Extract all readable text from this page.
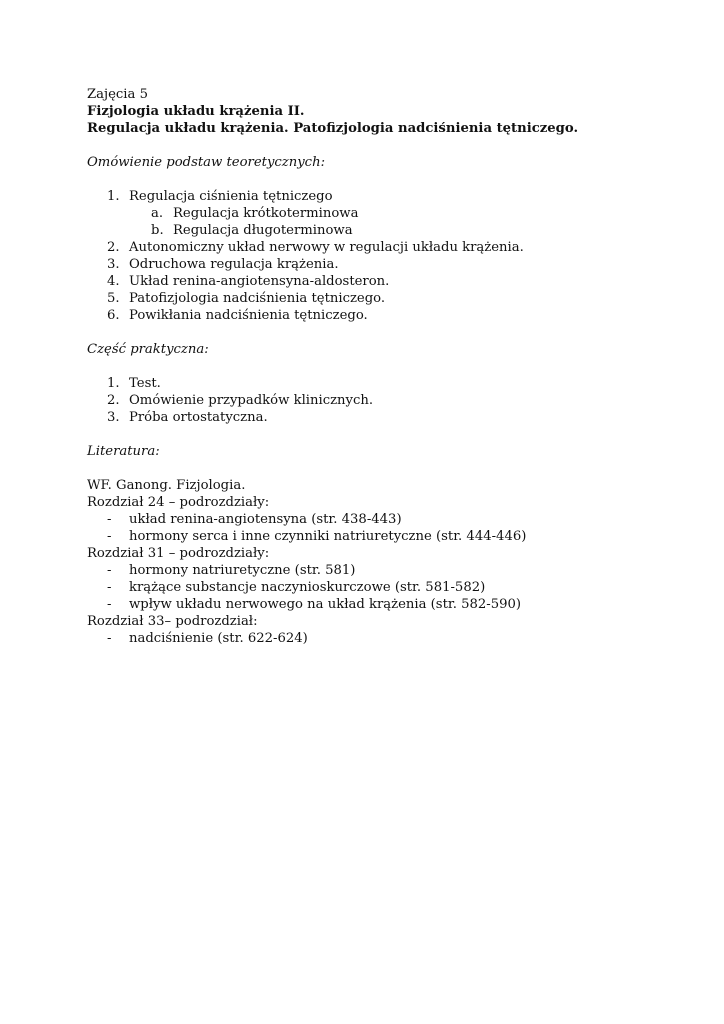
Zajęcia 5
Fizjologia układu krążenia II.
Regulacja układu krążenia. Patofizjologia nadciśnienia tętniczego.
Omówienie podstaw teoretycznych:
1. Regulacja ciśnienia tętniczego
a. Regulacja krótkoterminowa
b. Regulacja długoterminowa
2. Autonomiczny układ nerwowy w regulacji układu krążenia.
3. Odruchowa regulacja krążenia.
4. Układ renina-angiotensyna-aldosteron.
5. Patofizjologia nadciśnienia tętniczego.
6. Powikłania nadciśnienia tętniczego.
Część praktyczna:
1. Test.
2. Omówienie przypadków klinicznych.
3. Próba ortostatyczna.
Literatura:
WF. Ganong. Fizjologia.
Rozdział 24 – podrozdziały:
- układ renina-angiotensyna (str. 438-443)
- hormony serca i inne czynniki natriuretyczne (str. 444-446)
Rozdział 31 – podrozdziały:
- hormony natriuretyczne (str. 581)
- krążące substancje naczynioskurczowe (str. 581-582)
- wpływ układu nerwowego na układ krążenia (str. 582-590)
Rozdział 33– podrozdział:
- nadciśnienie (str. 622-624)
